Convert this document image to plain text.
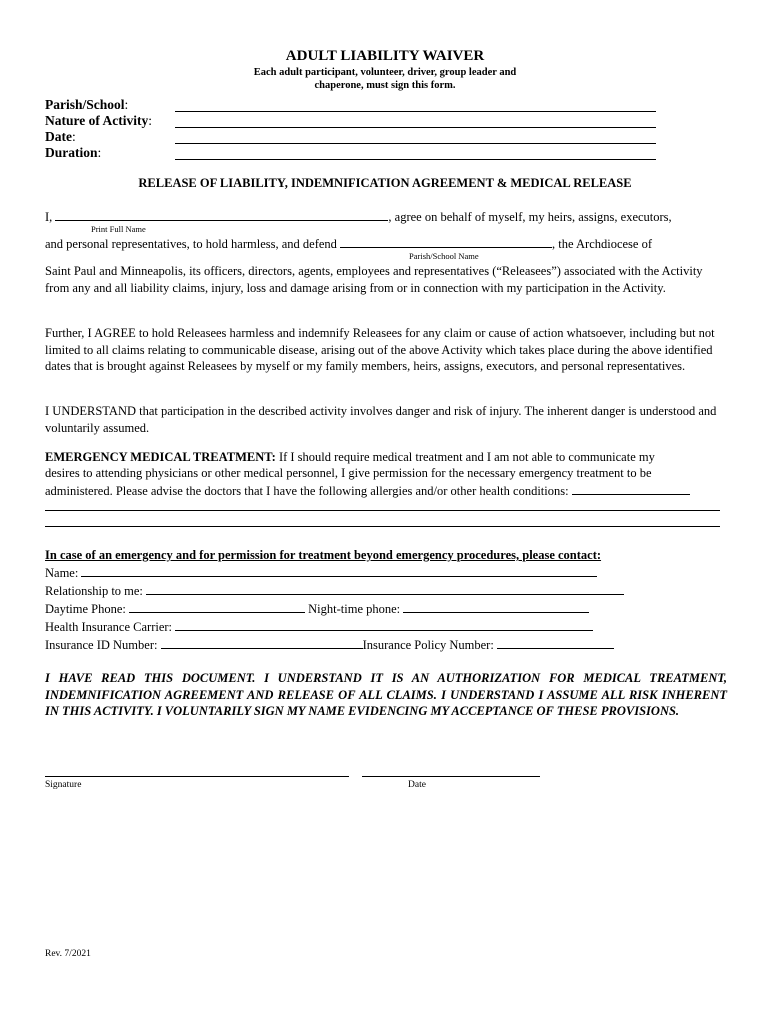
ADULT LIABILITY WAIVER
Each adult participant, volunteer, driver, group leader and
chaperone, must sign this form.
Parish/School:
Nature of Activity:
Date:
Duration:
RELEASE OF LIABILITY, INDEMNIFICATION AGREEMENT & MEDICAL RELEASE
I,	, agree on behalf of myself, my heirs, assigns, executors,
Print Full Name
and personal representatives, to hold harmless, and defend	, the Archdiocese of
Parish/School Name
Saint Paul and Minneapolis, its officers, directors, agents, employees and representatives (“Releasees”) associated with the Activity from any and all liability claims, injury, loss and damage arising from or in connection with my participation in the Activity.
Further, I AGREE to hold Releasees harmless and indemnify Releasees for any claim or cause of action whatsoever, including but not limited to all claims relating to communicable disease, arising out of the above Activity which takes place during the above identified dates that is brought against Releasees by myself or my family members, heirs, assigns, executors, and personal representatives.
I UNDERSTAND that participation in the described activity involves danger and risk of injury. The inherent danger is understood and voluntarily assumed.
EMERGENCY MEDICAL TREATMENT: If I should require medical treatment and I am not able to communicate my
desires to attending physicians or other medical personnel, I give permission for the necessary emergency treatment to be
administered. Please advise the doctors that I have the following allergies and/or other health conditions:
In case of an emergency and for permission for treatment beyond emergency procedures, please contact:
Name:
Relationship to me:
Daytime Phone:	Night-time phone:
Health Insurance Carrier:
Insurance ID Number:	Insurance Policy Number:
I HAVE READ THIS DOCUMENT. I UNDERSTAND IT IS AN AUTHORIZATION FOR MEDICAL TREATMENT, INDEMNIFICATION AGREEMENT AND RELEASE OF ALL CLAIMS. I UNDERSTAND I ASSUME ALL RISK INHERENT IN THIS ACTIVITY. I VOLUNTARILY SIGN MY NAME EVIDENCING MY ACCEPTANCE OF THESE PROVISIONS.
Signature	Date
Rev. 7/2021
